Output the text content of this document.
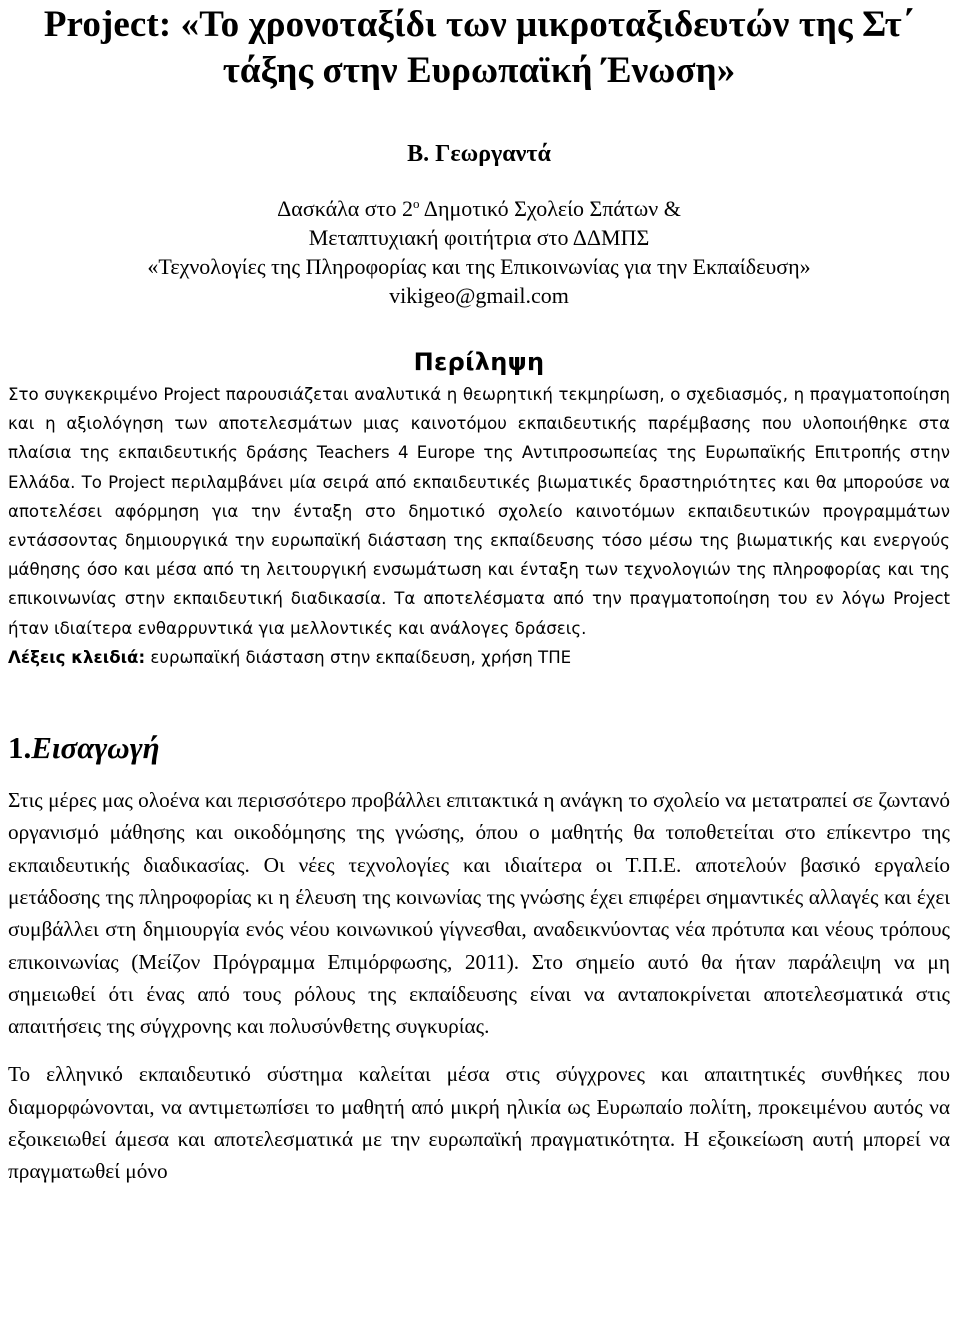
Project: «Το χρονοταξίδι των μικροταξιδευτών της Στ΄ τάξης στην Ευρωπαϊκή Ένωση»

Β. Γεωργαντά

Δασκάλα στο $2^o$ Δημοτικό Σχολείο Σπάτων &

Μεταπτυχιακή φοιτήτρια στο ΔΔΜΠΣ

«Τεχνολογίες της Πληροφορίας και της Επικοινωνίας για την Εκπαίδευση»

vikigeo@gmail.com

Περίληψη

Στο συγκεκριμένο Project παρουσιάζεται αναλυτικά η θεωρητική τεκμηρίωση, ο σχεδιασμός, η πραγματοποίηση και η αξιολόγηση των αποτελεσμάτων μιας καινοτόμου εκπαιδευτικής παρέμβασης που υλοποιήθηκε στα πλαίσια της εκπαιδευτικής δράσης Teachers 4 Europe της Αντιπροσωπείας της Ευρωπαϊκής Επιτροπής στην Ελλάδα. Το Project περιλαμβάνει μία σειρά από εκπαιδευτικές βιωματικές δραστηριότητες και θα μπορούσε να αποτελέσει αφόρμηση για την ένταξη στο δημοτικό σχολείο καινοτόμων εκπαιδευτικών προγραμμάτων εντάσσοντας δημιουργικά την ευρωπαϊκή διάσταση της εκπαίδευσης τόσο μέσω της βιωματικής και ενεργούς μάθησης όσο και μέσα από τη λειτουργική ενσωμάτωση και ένταξη των τεχνολογιών της πληροφορίας και της επικοινωνίας στην εκπαιδευτική διαδικασία. Τα αποτελέσματα από την πραγματοποίηση του εν λόγω Project ήταν ιδιαίτερα ενθαρρυντικά για μελλοντικές και ανάλογες δράσεις.

Λέξεις κλειδιά: ευρωπαϊκή διάσταση στην εκπαίδευση, χρήση ΤΠΕ

1.Εισαγωγή

Στις μέρες μας ολοένα και περισσότερο προβάλλει επιτακτικά η ανάγκη το σχολείο να μετατραπεί σε ζωντανό οργανισμό μάθησης και οικοδόμησης της γνώσης, όπου ο μαθητής θα τοποθετείται στο επίκεντρο της εκπαιδευτικής διαδικασίας. Οι νέες τεχνολογίες και ιδιαίτερα οι Τ.Π.Ε. αποτελούν βασικό εργαλείο μετάδοσης της πληροφορίας κι η έλευση της κοινωνίας της γνώσης έχει επιφέρει σημαντικές αλλαγές και έχει συμβάλλει στη δημιουργία ενός νέου κοινωνικού γίγνεσθαι, αναδεικνύοντας νέα πρότυπα και νέους τρόπους επικοινωνίας (Μείζον Πρόγραμμα Επιμόρφωσης, 2011). Στο σημείο αυτό θα ήταν παράλειψη να μη σημειωθεί ότι ένας από τους ρόλους της εκπαίδευσης είναι να ανταποκρίνεται αποτελεσματικά στις απαιτήσεις της σύγχρονης και πολυσύνθετης συγκυρίας.

Το ελληνικό εκπαιδευτικό σύστημα καλείται μέσα στις σύγχρονες και απαιτητικές συνθήκες που διαμορφώνονται, να αντιμετωπίσει το μαθητή από μικρή ηλικία ως Ευρωπαίο πολίτη, προκειμένου αυτός να εξοικειωθεί άμεσα και αποτελεσματικά με την ευρωπαϊκή πραγματικότητα. Η εξοικείωση αυτή μπορεί να πραγματωθεί μόνο
